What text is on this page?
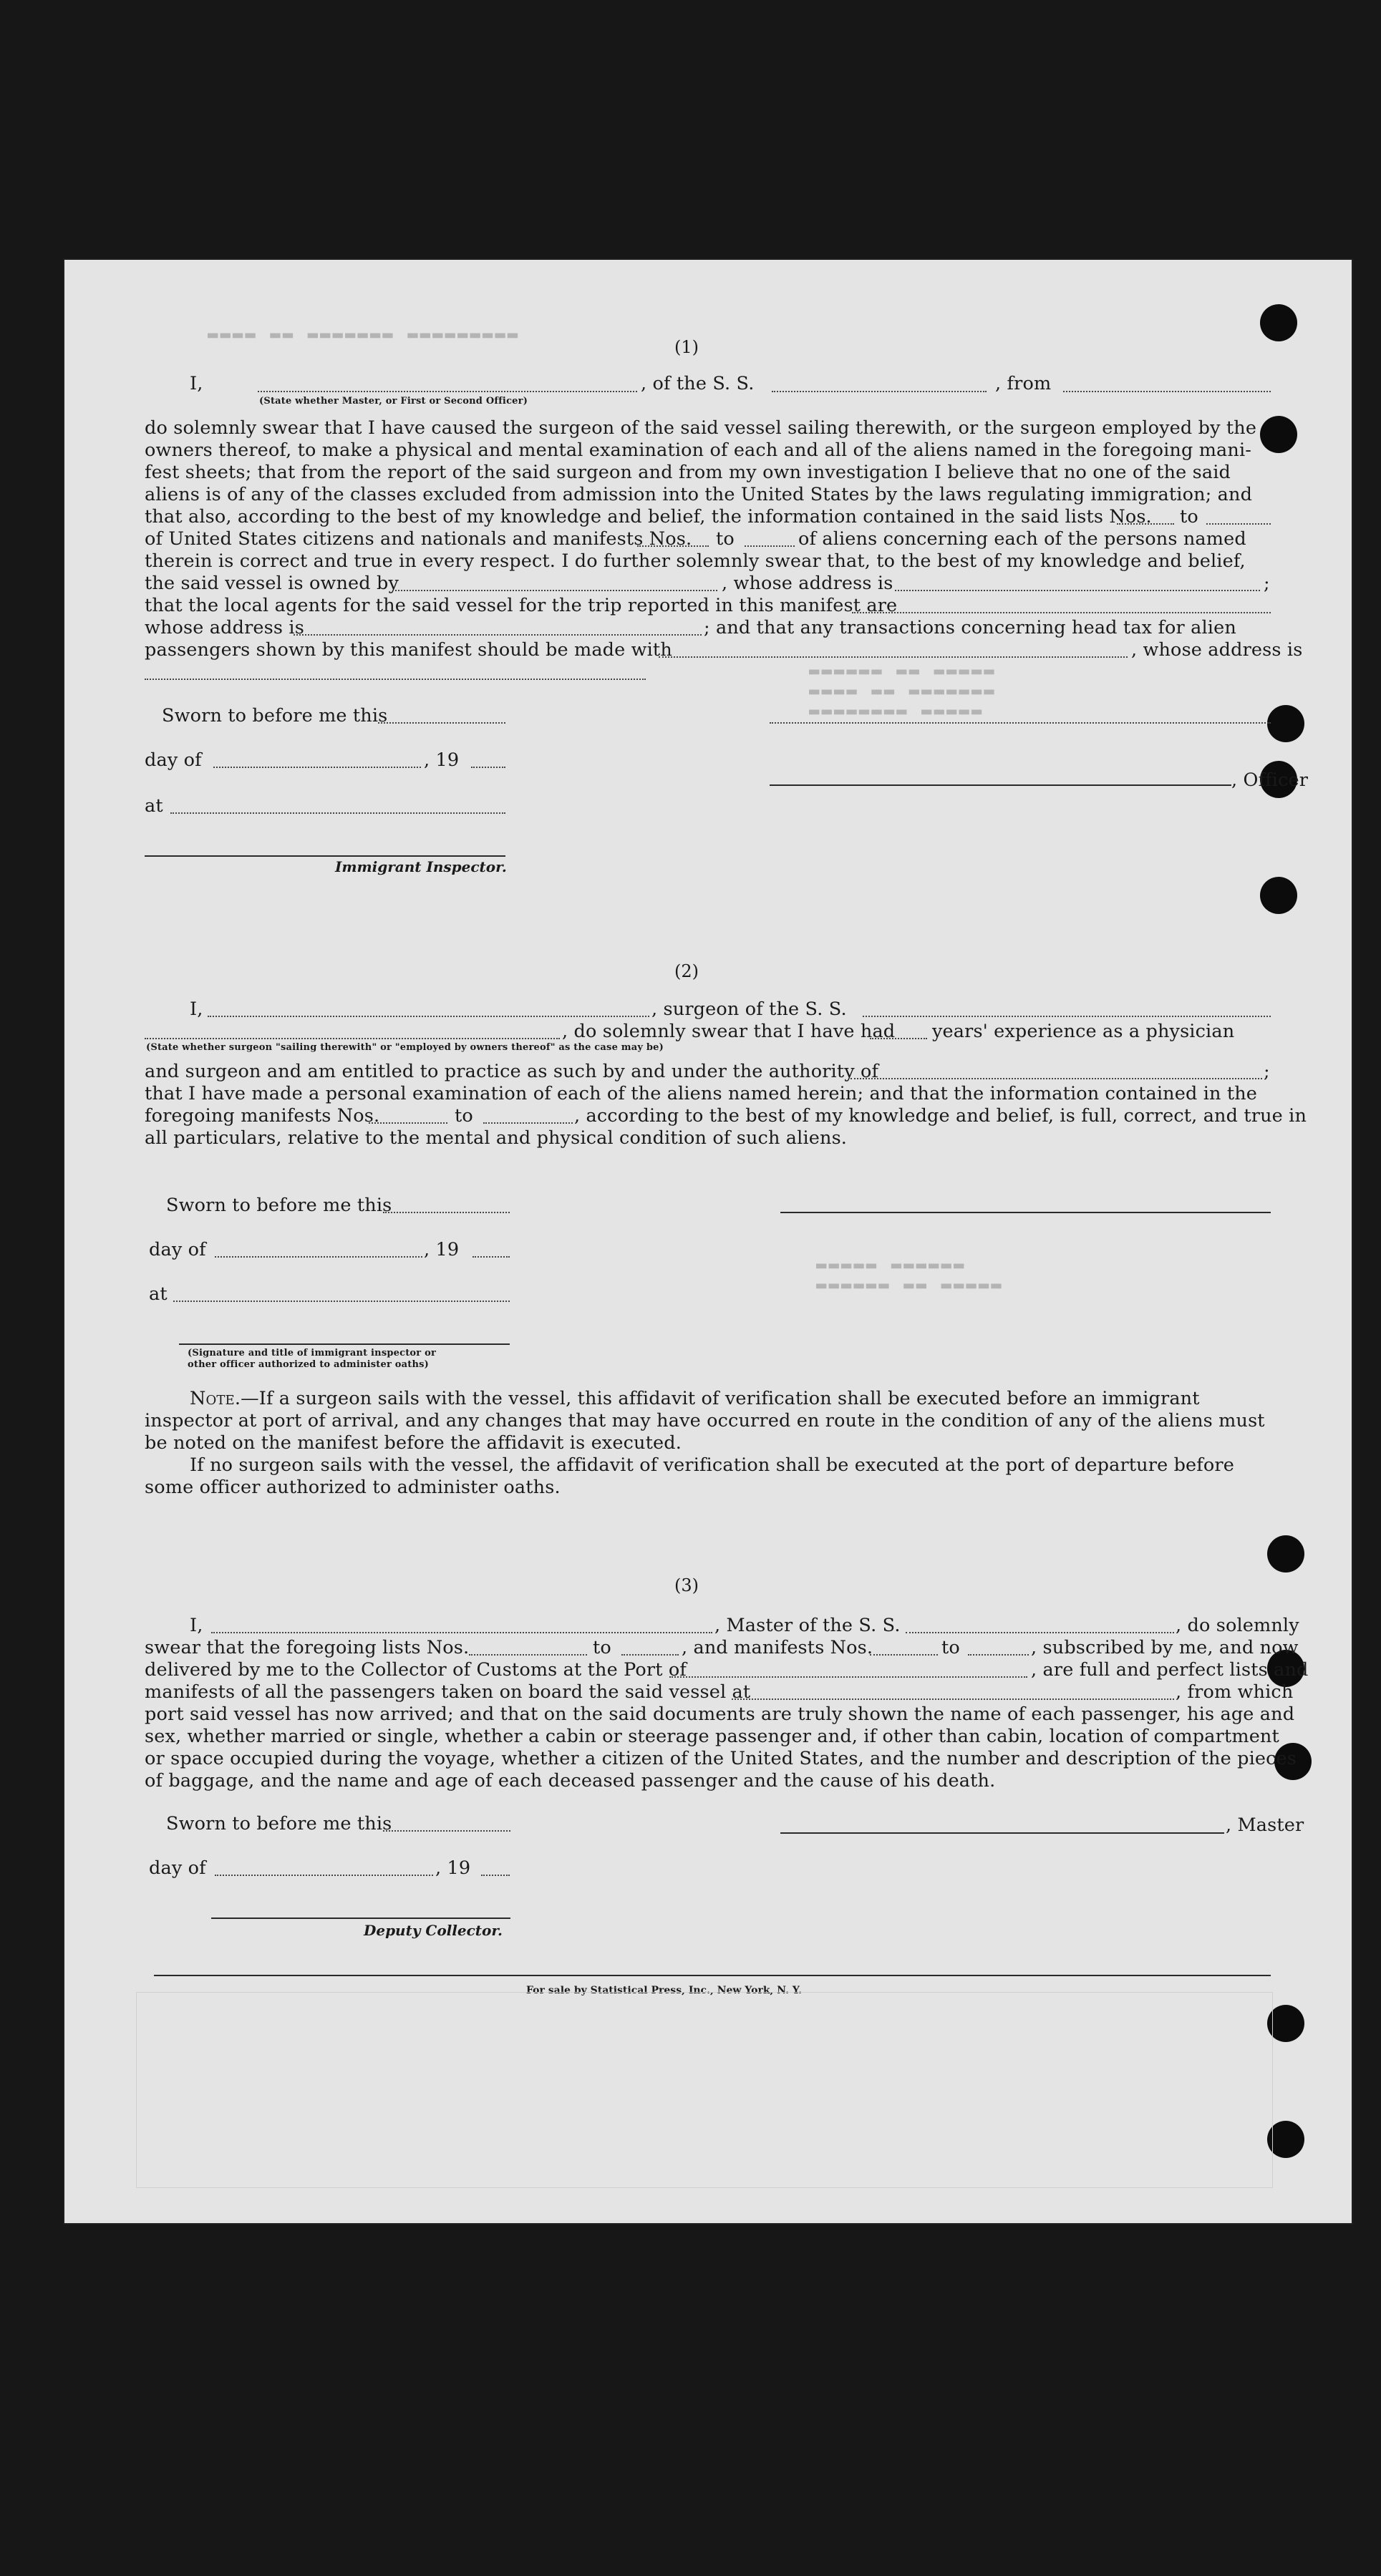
▬▬▬▬ ▬▬ ▬▬▬▬▬▬▬ ▬▬▬▬▬▬▬▬▬
▬▬▬▬▬▬ ▬▬ ▬▬▬▬▬
▬▬▬▬ ▬▬ ▬▬▬▬▬▬▬
▬▬▬▬▬▬▬▬ ▬▬▬▬▬
▬▬▬▬▬ ▬▬▬▬▬▬
▬▬▬▬▬▬ ▬▬ ▬▬▬▬▬
(1)
I,	, of the S. S.	, from
(State whether Master, or First or Second Officer)
do solemnly swear that I have caused the surgeon of the said vessel sailing therewith, or the surgeon employed by the
owners thereof, to make a physical and mental examination of each and all of the aliens named in the foregoing mani-
fest sheets; that from the report of the said surgeon and from my own investigation I believe that no one of the said
aliens is of any of the classes excluded from admission into the United States by the laws regulating immigration; and
that also, according to the best of my knowledge and belief, the information contained in the said lists Nos. to
of United States citizens and nationals and manifests Nos. to	of aliens concerning each of the persons named
therein is correct and true in every respect. I do further solemnly swear that, to the best of my knowledge and belief,
the said vessel is owned by	, whose address is	;
that the local agents for the said vessel for the trip reported in this manifest are
whose address is	; and that any transactions concerning head tax for alien
passengers shown by this manifest should be made with	, whose address is
Sworn to before me this
day of	, 19
, Officer
at
Immigrant Inspector.
(2)
I,	, surgeon of the S. S.
(State whether surgeon "sailing therewith" or "employed by owners thereof" as the case may be)
, do solemnly swear that I have had years' experience as a physician
and surgeon and am entitled to practice as such by and under the authority of	;
that I have made a personal examination of each of the aliens named herein; and that the information contained in the
foregoing manifests Nos.	to	, according to the best of my knowledge and belief, is full, correct, and true in
all particulars, relative to the mental and physical condition of such aliens.
Sworn to before me this
day of	, 19
at
(Signature and title of immigrant inspector or
other officer authorized to administer oaths)
Note.—If a surgeon sails with the vessel, this affidavit of verification shall be executed before an immigrant
inspector at port of arrival, and any changes that may have occurred en route in the condition of any of the aliens must
be noted on the manifest before the affidavit is executed.
If no surgeon sails with the vessel, the affidavit of verification shall be executed at the port of departure before
some officer authorized to administer oaths.
(3)
I,	, Master of the S. S.	, do solemnly
swear that the foregoing lists Nos.	to	, and manifests Nos.	to	, subscribed by me, and now
delivered by me to the Collector of Customs at the Port of	, are full and perfect lists and
manifests of all the passengers taken on board the said vessel at	, from which
port said vessel has now arrived; and that on the said documents are truly shown the name of each passenger, his age and
sex, whether married or single, whether a cabin or steerage passenger and, if other than cabin, location of compartment
or space occupied during the voyage, whether a citizen of the United States, and the number and description of the pieces
of baggage, and the name and age of each deceased passenger and the cause of his death.
Sworn to before me this	, Master
day of	, 19
Deputy Collector.
For sale by Statistical Press, Inc., New York, N. Y.
